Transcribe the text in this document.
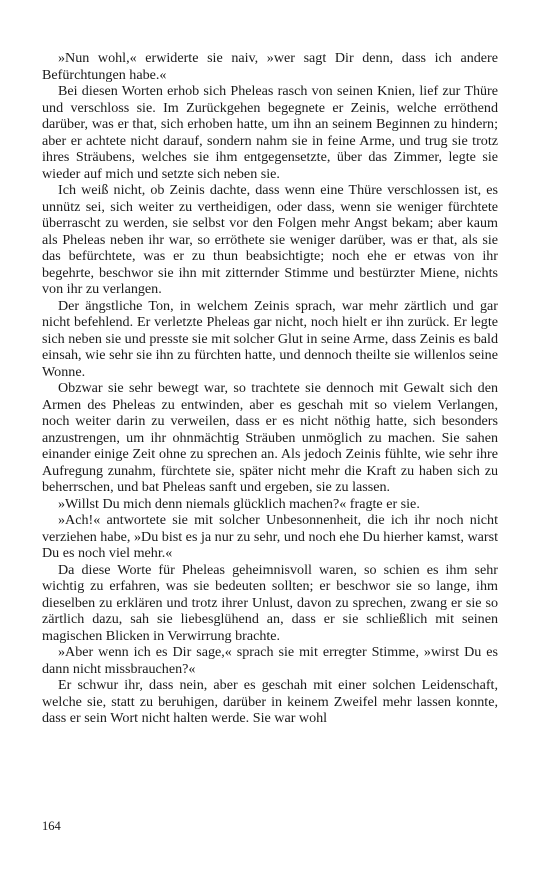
»Nun wohl,« erwiderte sie naiv, »wer sagt Dir denn, dass ich andere Befürchtungen habe.«

Bei diesen Worten erhob sich Pheleas rasch von seinen Knien, lief zur Thüre und verschloss sie. Im Zurückgehen begegnete er Zeinis, welche erröthend darüber, was er that, sich erhoben hatte, um ihn an seinem Beginnen zu hindern; aber er achtete nicht darauf, sondern nahm sie in feine Arme, und trug sie trotz ihres Sträubens, welches sie ihm entgegensetzte, über das Zimmer, legte sie wieder auf mich und setzte sich neben sie.

Ich weiß nicht, ob Zeinis dachte, dass wenn eine Thüre verschlossen ist, es unnütz sei, sich weiter zu vertheidigen, oder dass, wenn sie weniger fürchtete überrascht zu werden, sie selbst vor den Folgen mehr Angst bekam; aber kaum als Pheleas neben ihr war, so erröthete sie weniger darüber, was er that, als sie das befürchtete, was er zu thun beabsichtigte; noch ehe er etwas von ihr begehrte, beschwor sie ihn mit zitternder Stimme und bestürzter Miene, nichts von ihr zu verlangen.

Der ängstliche Ton, in welchem Zeinis sprach, war mehr zärtlich und gar nicht befehlend. Er verletzte Pheleas gar nicht, noch hielt er ihn zurück. Er legte sich neben sie und presste sie mit solcher Glut in seine Arme, dass Zeinis es bald einsah, wie sehr sie ihn zu fürchten hatte, und dennoch theilte sie willenlos seine Wonne.

Obzwar sie sehr bewegt war, so trachtete sie dennoch mit Gewalt sich den Armen des Pheleas zu entwinden, aber es geschah mit so vielem Verlangen, noch weiter darin zu verweilen, dass er es nicht nöthig hatte, sich besonders anzustrengen, um ihr ohnmächtig Sträuben unmöglich zu machen. Sie sahen einander einige Zeit ohne zu sprechen an. Als jedoch Zeinis fühlte, wie sehr ihre Aufregung zunahm, fürchtete sie, später nicht mehr die Kraft zu haben sich zu beherrschen, und bat Pheleas sanft und ergeben, sie zu lassen.

»Willst Du mich denn niemals glücklich machen?« fragte er sie.

»Ach!« antwortete sie mit solcher Unbesonnenheit, die ich ihr noch nicht verziehen habe, »Du bist es ja nur zu sehr, und noch ehe Du hierher kamst, warst Du es noch viel mehr.«

Da diese Worte für Pheleas geheimnisvoll waren, so schien es ihm sehr wichtig zu erfahren, was sie bedeuten sollten; er beschwor sie so lange, ihm dieselben zu erklären und trotz ihrer Unlust, davon zu sprechen, zwang er sie so zärtlich dazu, sah sie liebesglühend an, dass er sie schließlich mit seinen magischen Blicken in Verwirrung brachte.

»Aber wenn ich es Dir sage,« sprach sie mit erregter Stimme, »wirst Du es dann nicht missbrauchen?«

Er schwur ihr, dass nein, aber es geschah mit einer solchen Leidenschaft, welche sie, statt zu beruhigen, darüber in keinem Zweifel mehr lassen konnte, dass er sein Wort nicht halten werde. Sie war wohl

164
